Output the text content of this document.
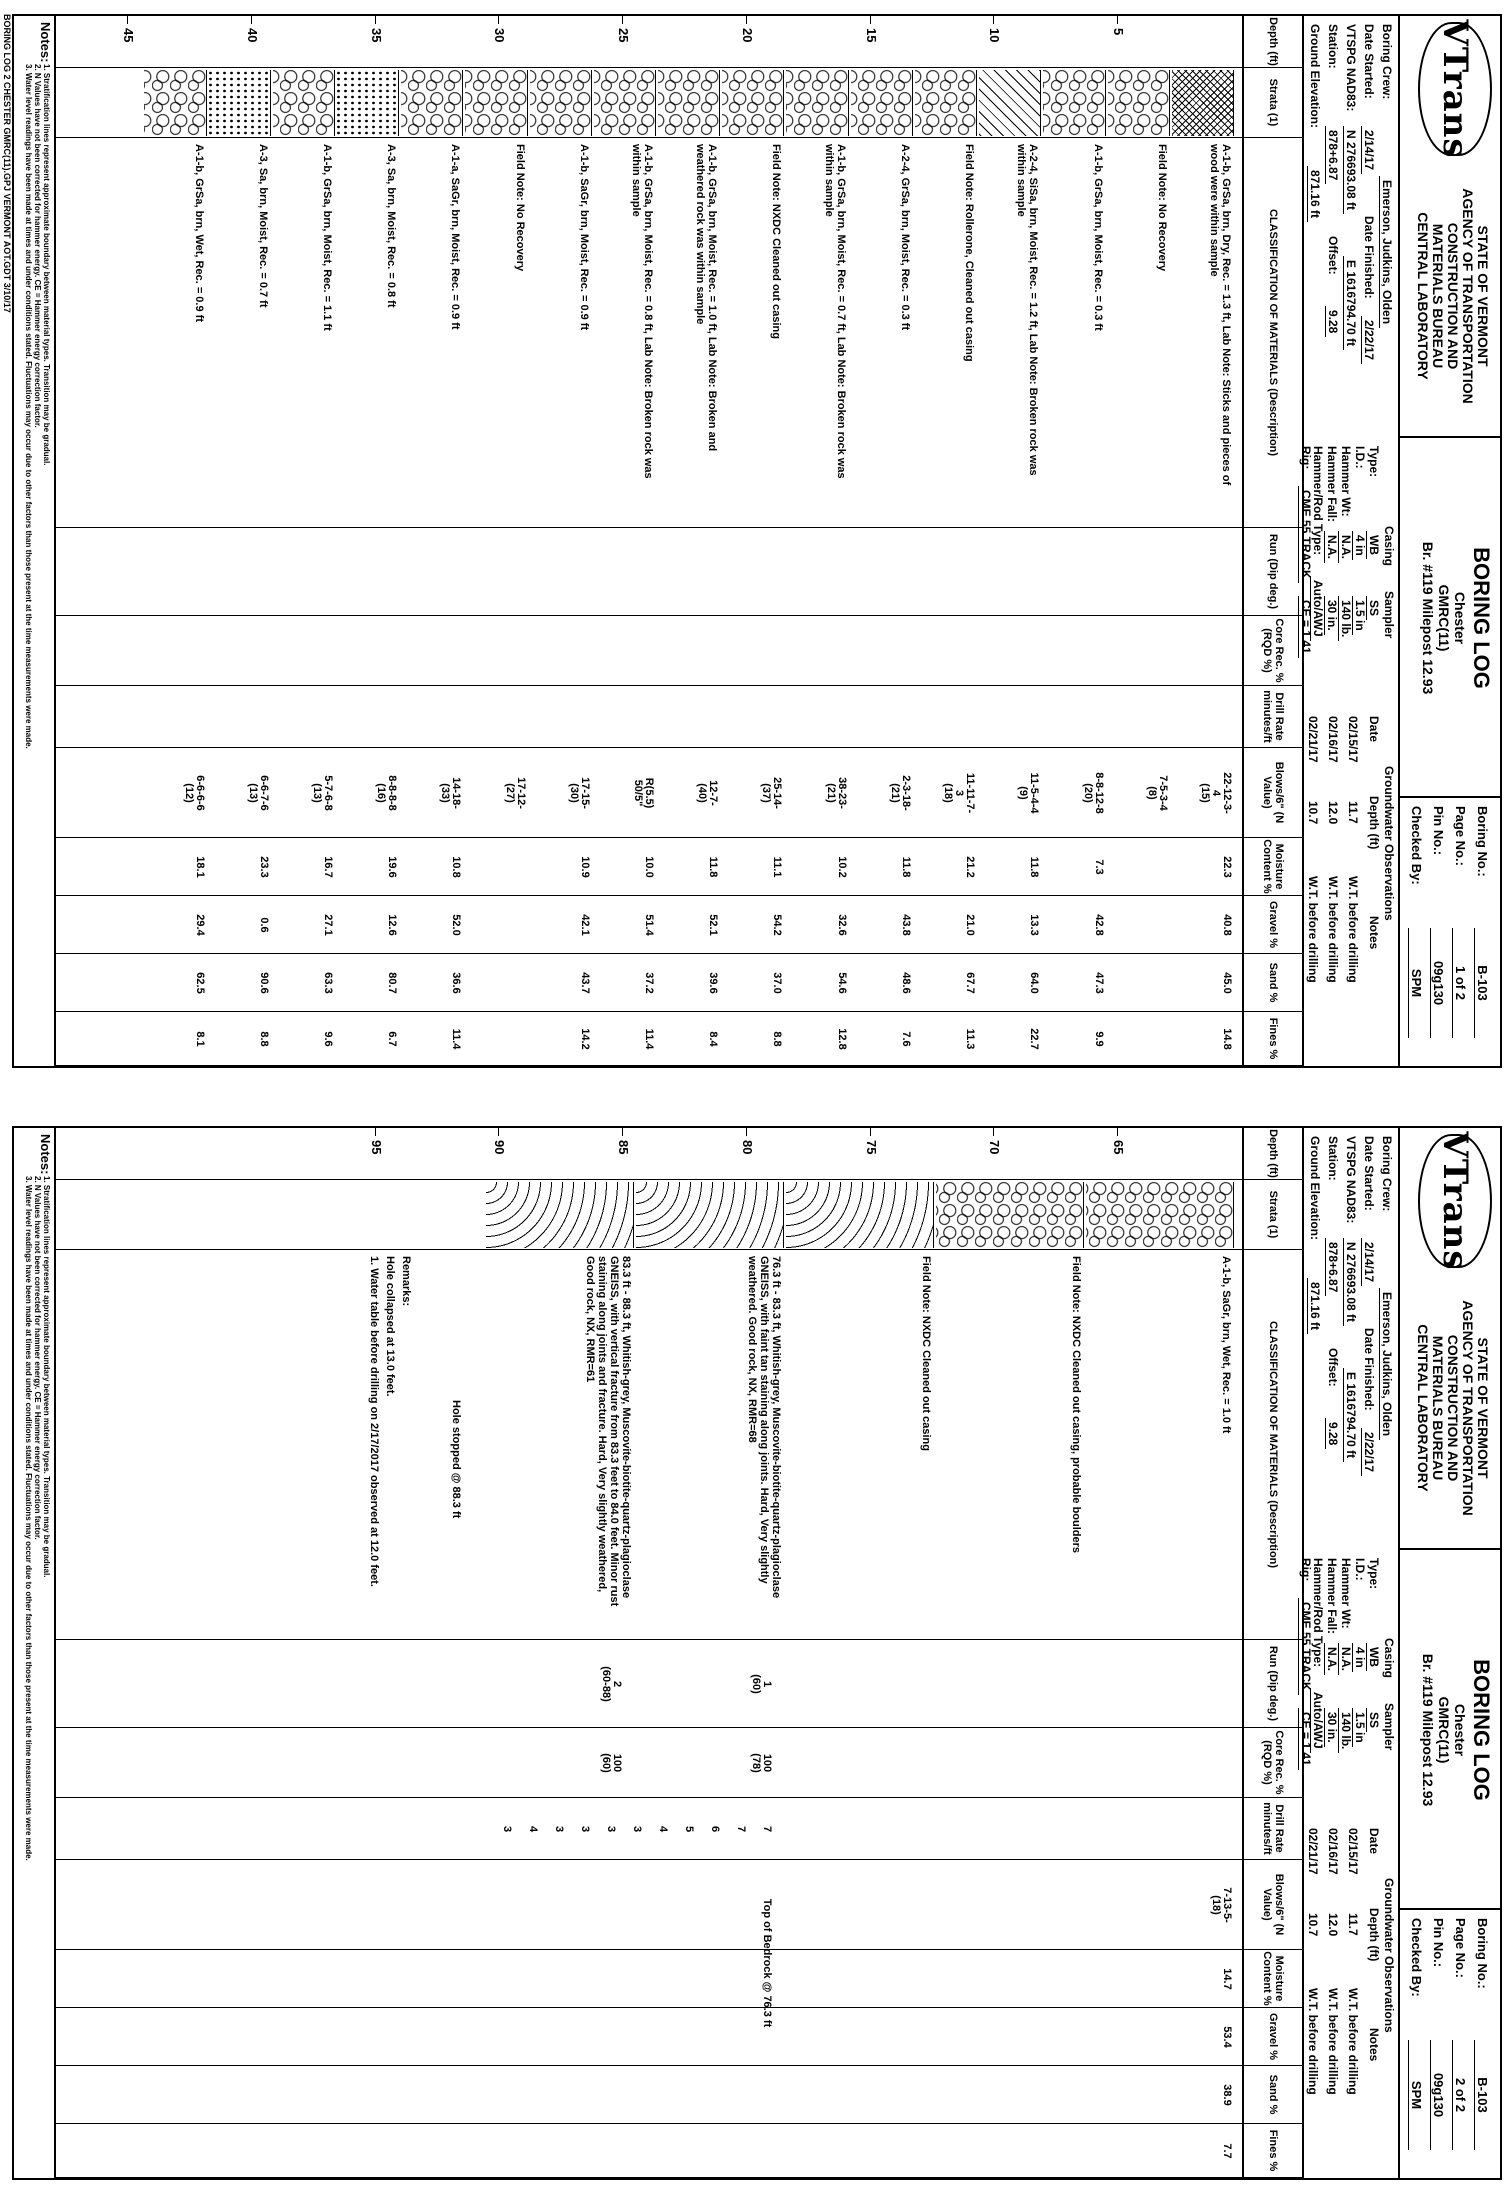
VTrans
STATE OF VERMONT
AGENCY OF TRANSPORTATION
CONSTRUCTION AND
MATERIALS BUREAU
CENTRAL LABORATORY
BORING LOG
Chester
GMRC(11)
Br. #119 Milepost 12.93
Boring No.:
B-103
Page No.:
1 of 2
Pin No.:
09g130
Checked By:
SPM
Boring Crew:
Emerson, Judkins, Olden
Date Started:
2/14/17
Date Finished:
2/22/17
VTSPG NAD83:
N 276693.08 ft
E 1616794.70 ft
Station:
878+6.87
Offset:
9.28
Ground Elevation:
871.16 ft
Casing
Sampler
Type:
WB
SS
I.D.:
4 in
1.5 in
Hammer Wt:
N.A.
140 lb.
Hammer Fall:
N.A.
30 in.
Hammer/Rod Type:
Auto/AWJ
Rig:
CME 55 TRACK
CE = 1.41
Groundwater Observations
Date
Depth (ft)
Notes
02/15/17
11.7
W.T. before drilling
02/16/17
12.0
W.T. before drilling
02/21/17
10.7
W.T. before drilling
Depth (ft)
Strata (1)
CLASSIFICATION OF MATERIALS (Description)
Run (Dip deg.)
Core Rec. % (RQD %)
Drill Rate minutes/ft
Blows/6" (N Value)
Moisture Content %
Gravel %
Sand %
Fines %
5
10
15
20
25
30
35
40
45
A-1-b, GrSa, brn, Dry, Rec. = 1.3 ft, Lab Note: Sticks and pieces of
wood were within sample
22-12-3-
4
(15)
22.3
40.8
45.0
14.8
Field Note: No Recovery
7-5-3-4
(8)
A-1-b, GrSa, brn, Moist, Rec. = 0.3 ft
8-8-12-8
(20)
7.3
42.8
47.3
9.9
A-2-4, SiSa, brn, Moist, Rec. = 1.2 ft, Lab Note: Broken rock was
within sample
11-5-4-4
(9)
11.8
13.3
64.0
22.7
Field Note: Rollerone, Cleaned out casing
11-11-7-
3
(18)
21.2
21.0
67.7
11.3
A-2-4, GrSa, brn, Moist, Rec. = 0.3 ft
2-3-18-
(21)
11.8
43.8
48.6
7.6
A-1-b, GrSa, brn, Moist, Rec. = 0.7 ft, Lab Note: Broken rock was
within sample
38-23-
(21)
10.2
32.6
54.6
12.8
Field Note: NXDC Cleaned out casing
25-14-
(37)
11.1
54.2
37.0
8.8
A-1-b, GrSa, brn, Moist, Rec. = 1.0 ft, Lab Note: Broken and
weathered rock was within sample
12-7-
(40)
11.8
52.1
39.6
8.4
A-1-b, GrSa, brn, Moist, Rec. = 0.8 ft, Lab Note: Broken rock was
within sample
R(5.5)
50/5"
10.0
51.4
37.2
11.4
A-1-b, SaGr, brn, Moist, Rec. = 0.9 ft
17-15-
(30)
10.9
42.1
43.7
14.2
Field Note: No Recovery
17-12-
(27)
A-1-a, SaGr, brn, Moist, Rec. = 0.9 ft
14-18-
(33)
10.8
52.0
36.6
11.4
A-3, Sa, brn, Moist, Rec. = 0.8 ft
8-8-8-8
(16)
19.6
12.6
80.7
6.7
A-1-b, GrSa, brn, Moist, Rec. = 1.1 ft
5-7-6-8
(13)
16.7
27.1
63.3
9.6
A-3, Sa, brn, Moist, Rec. = 0.7 ft
6-6-7-6
(13)
23.3
0.6
90.6
8.8
A-1-b, GrSa, brn, Wet, Rec. = 0.9 ft
6-6-6-6
(12)
18.1
29.4
62.5
8.1
Notes:
1. Stratification lines represent approximate boundary between material types. Transition may be gradual.
2. N Values have not been corrected for hammer energy. CE = Hammer energy correction factor.
3. Water level readings have been made at times and under conditions stated. Fluctuations may occur due to other factors than those present at the time measurements were made.
BORING LOG 2 CHESTER GMRC(11).GPJ VERMONT AOT.GDT 3/10/17
VTrans
STATE OF VERMONT
AGENCY OF TRANSPORTATION
CONSTRUCTION AND
MATERIALS BUREAU
CENTRAL LABORATORY
BORING LOG
Chester
GMRC(11)
Br. #119 Milepost 12.93
Boring No.:
B-103
Page No.:
2 of 2
Pin No.:
09g130
Checked By:
SPM
Boring Crew:
Emerson, Judkins, Olden
Date Started:
2/14/17
Date Finished:
2/22/17
VTSPG NAD83:
N 276693.08 ft
E 1616794.70 ft
Station:
878+6.87
Offset:
9.28
Ground Elevation:
871.16 ft
Casing
Sampler
Type:
WB
SS
I.D.:
4 in
1.5 in
Hammer Wt:
N.A.
140 lb.
Hammer Fall:
N.A.
30 in.
Hammer/Rod Type:
Auto/AWJ
Rig:
CME 55 TRACK
CE = 1.41
Groundwater Observations
Date
Depth (ft)
Notes
02/15/17
11.7
W.T. before drilling
02/16/17
12.0
W.T. before drilling
02/21/17
10.7
W.T. before drilling
Depth (ft)
Strata (1)
CLASSIFICATION OF MATERIALS (Description)
Run (Dip deg.)
Core Rec. % (RQD %)
Drill Rate minutes/ft
Blows/6" (N Value)
Moisture Content %
Gravel %
Sand %
Fines %
65
70
75
80
85
90
95
A-1-b, SaGr, brn, Wet, Rec. = 1.0 ft
7-13-5-
(18)
14.7
53.4
38.9
7.7
Field Note: NXDC Cleaned out casing, probable boulders
Field Note: NXDC Cleaned out casing
76.3 ft - 83.3 ft, Whitish-grey, Muscovite-biotite-quartz-plagioclase
GNEISS, with faint tan staining along joints. Hard, Very slightly
weathered. Good rock, NX, RMR=68
83.3 ft - 88.3 ft, Whitish-grey, Muscovite-biotite-quartz-plagioclase
GNEISS, with vertical fracture from 83.3 feet to 84.0 feet. Minor rust
staining along joints and fracture. Hard, Very slightly weathered,
Good rock, NX, RMR=61
Top of Bedrock @ 76.3 ft
Hole stopped @ 88.3 ft
Remarks:
Hole collapsed at 13.0 feet.
1. Water table before drilling on 2/17/2017 observed at 12.0 feet.
1
(60)
100
(78)
2
(60-88)
100
(60)
7
7
6
5
4
3
3
3
3
4
3
Notes:
1. Stratification lines represent approximate boundary between material types. Transition may be gradual.
2. N Values have not been corrected for hammer energy. CE = Hammer energy correction factor.
3. Water level readings have been made at times and under conditions stated. Fluctuations may occur due to other factors than those present at the time measurements were made.
